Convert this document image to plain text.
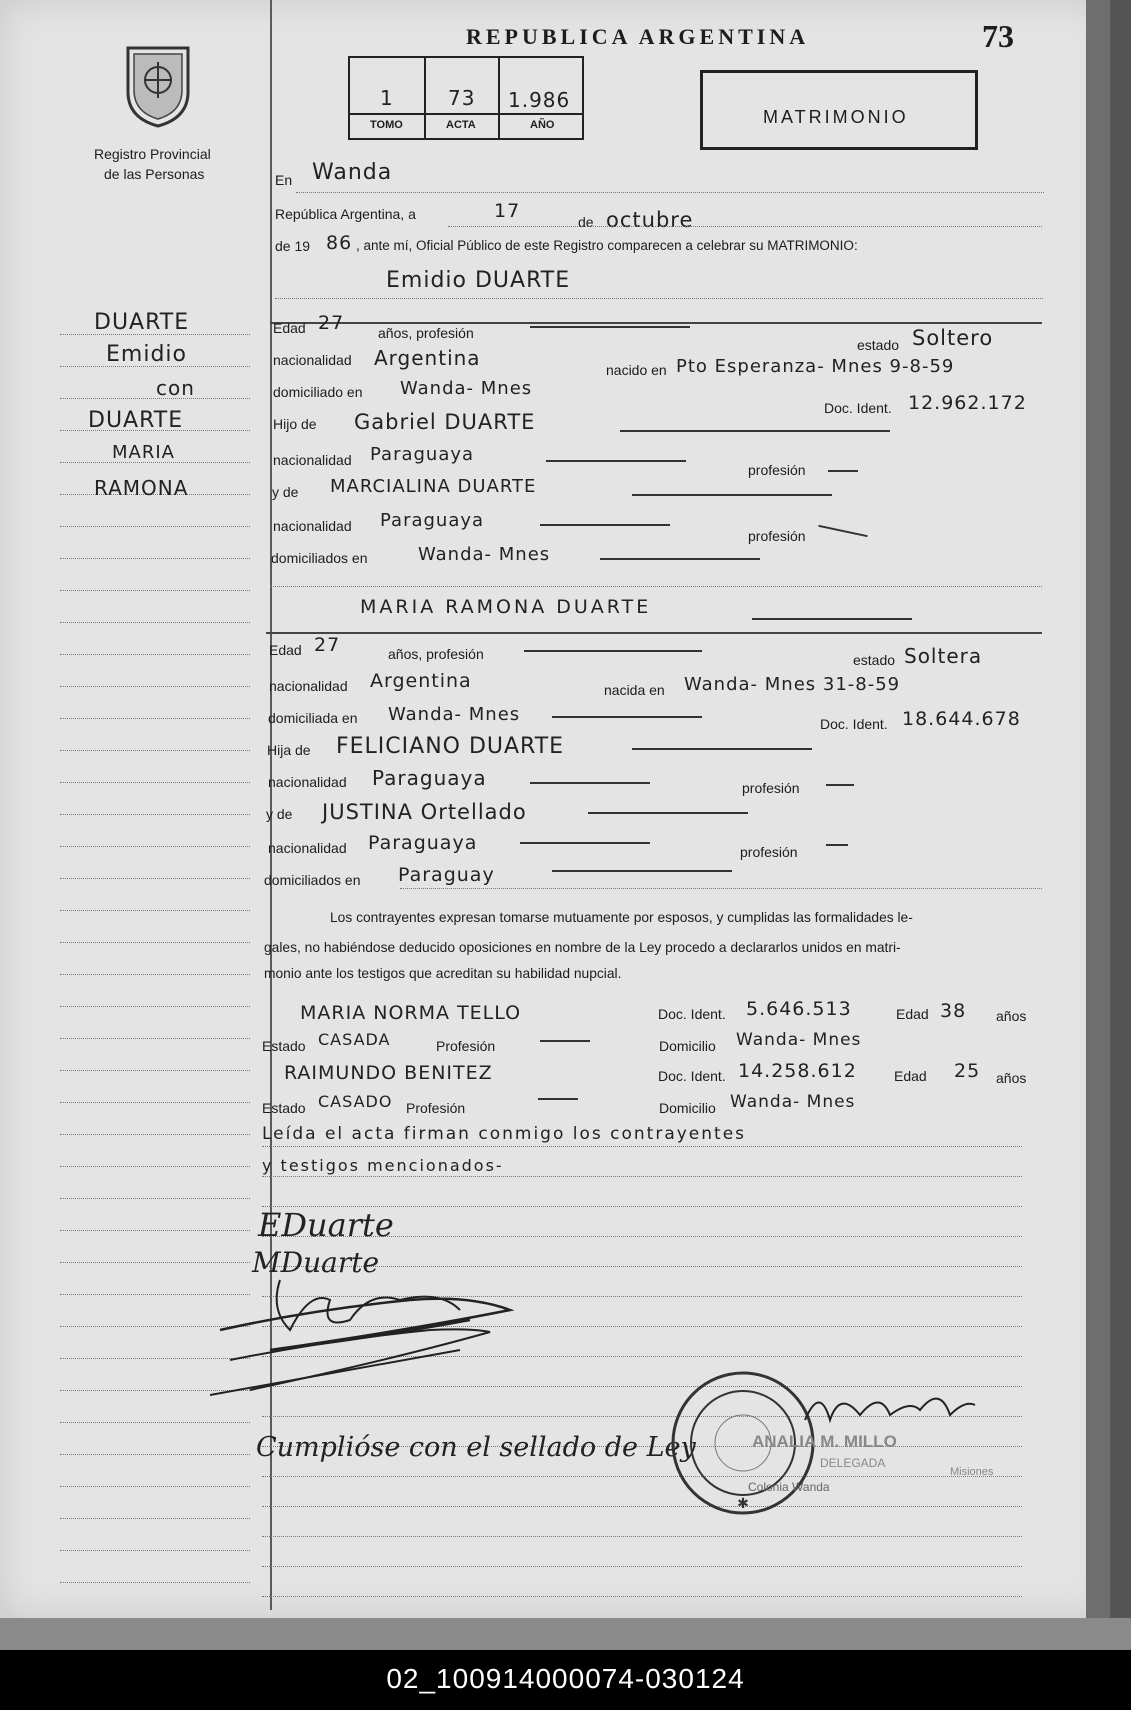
Registro Provincial
de las Personas
REPUBLICA ARGENTINA	73
1	73 1.986
TOMO	ACTA	AÑO	MATRIMONIO
DUARTE
Emidio
con
DUARTE
MARIA
RAMONA
En Wanda
República Argentina, a	17	de octubre
de 19 86 , ante mí, Oficial Público de este Registro comparecen a celebrar su MATRIMONIO:
Emidio DUARTE
Edad 27 años, profesión
estado Soltero
nacionalidad Argentina	nacido en Pto Esperanza- Mnes 9-8-59
domiciliado en Wanda- Mnes
Doc. Ident. 12.962.172
Hijo de Gabriel DUARTE
nacionalidad Paraguaya
profesión
y de MARCIALINA DUARTE
nacionalidad Paraguaya
profesión
domiciliados en	Wanda- Mnes
MARIA RAMONA DUARTE
Edad 27	años, profesión	estado Soltera
nacionalidad Argentina	nacida en Wanda- Mnes 31-8-59
domiciliada en Wanda- Mnes	Doc. Ident. 18.644.678
Hija de FELICIANO DUARTE
nacionalidad Paraguaya	profesión
y de JUSTINA Ortellado
nacionalidad Paraguaya	profesión
domiciliados en Paraguay
Los contrayentes expresan tomarse mutuamente por esposos, y cumplidas las formalidades le-
gales, no habiéndose deducido oposiciones en nombre de la Ley procedo a declararlos unidos en matri-
monio ante los testigos que acreditan su habilidad nupcial.
MARIA NORMA TELLO	Doc. Ident. 5.646.513	Edad 38 años
Estado CASADA	Profesión	Domicilio Wanda- Mnes
RAIMUNDO BENITEZ	Doc. Ident. 14.258.612	Edad 25 años
Estado CASADO Profesión	Domicilio Wanda- Mnes
Leída el acta firman conmigo los contrayentes
y testigos mencionados-
EDuarte
MDuarte
Cumplióse con el sellado de Ley
✱
ANALIA M. MILLO
DELEGADA
Colonia Wanda
Misiones
02_100914000074-030124
